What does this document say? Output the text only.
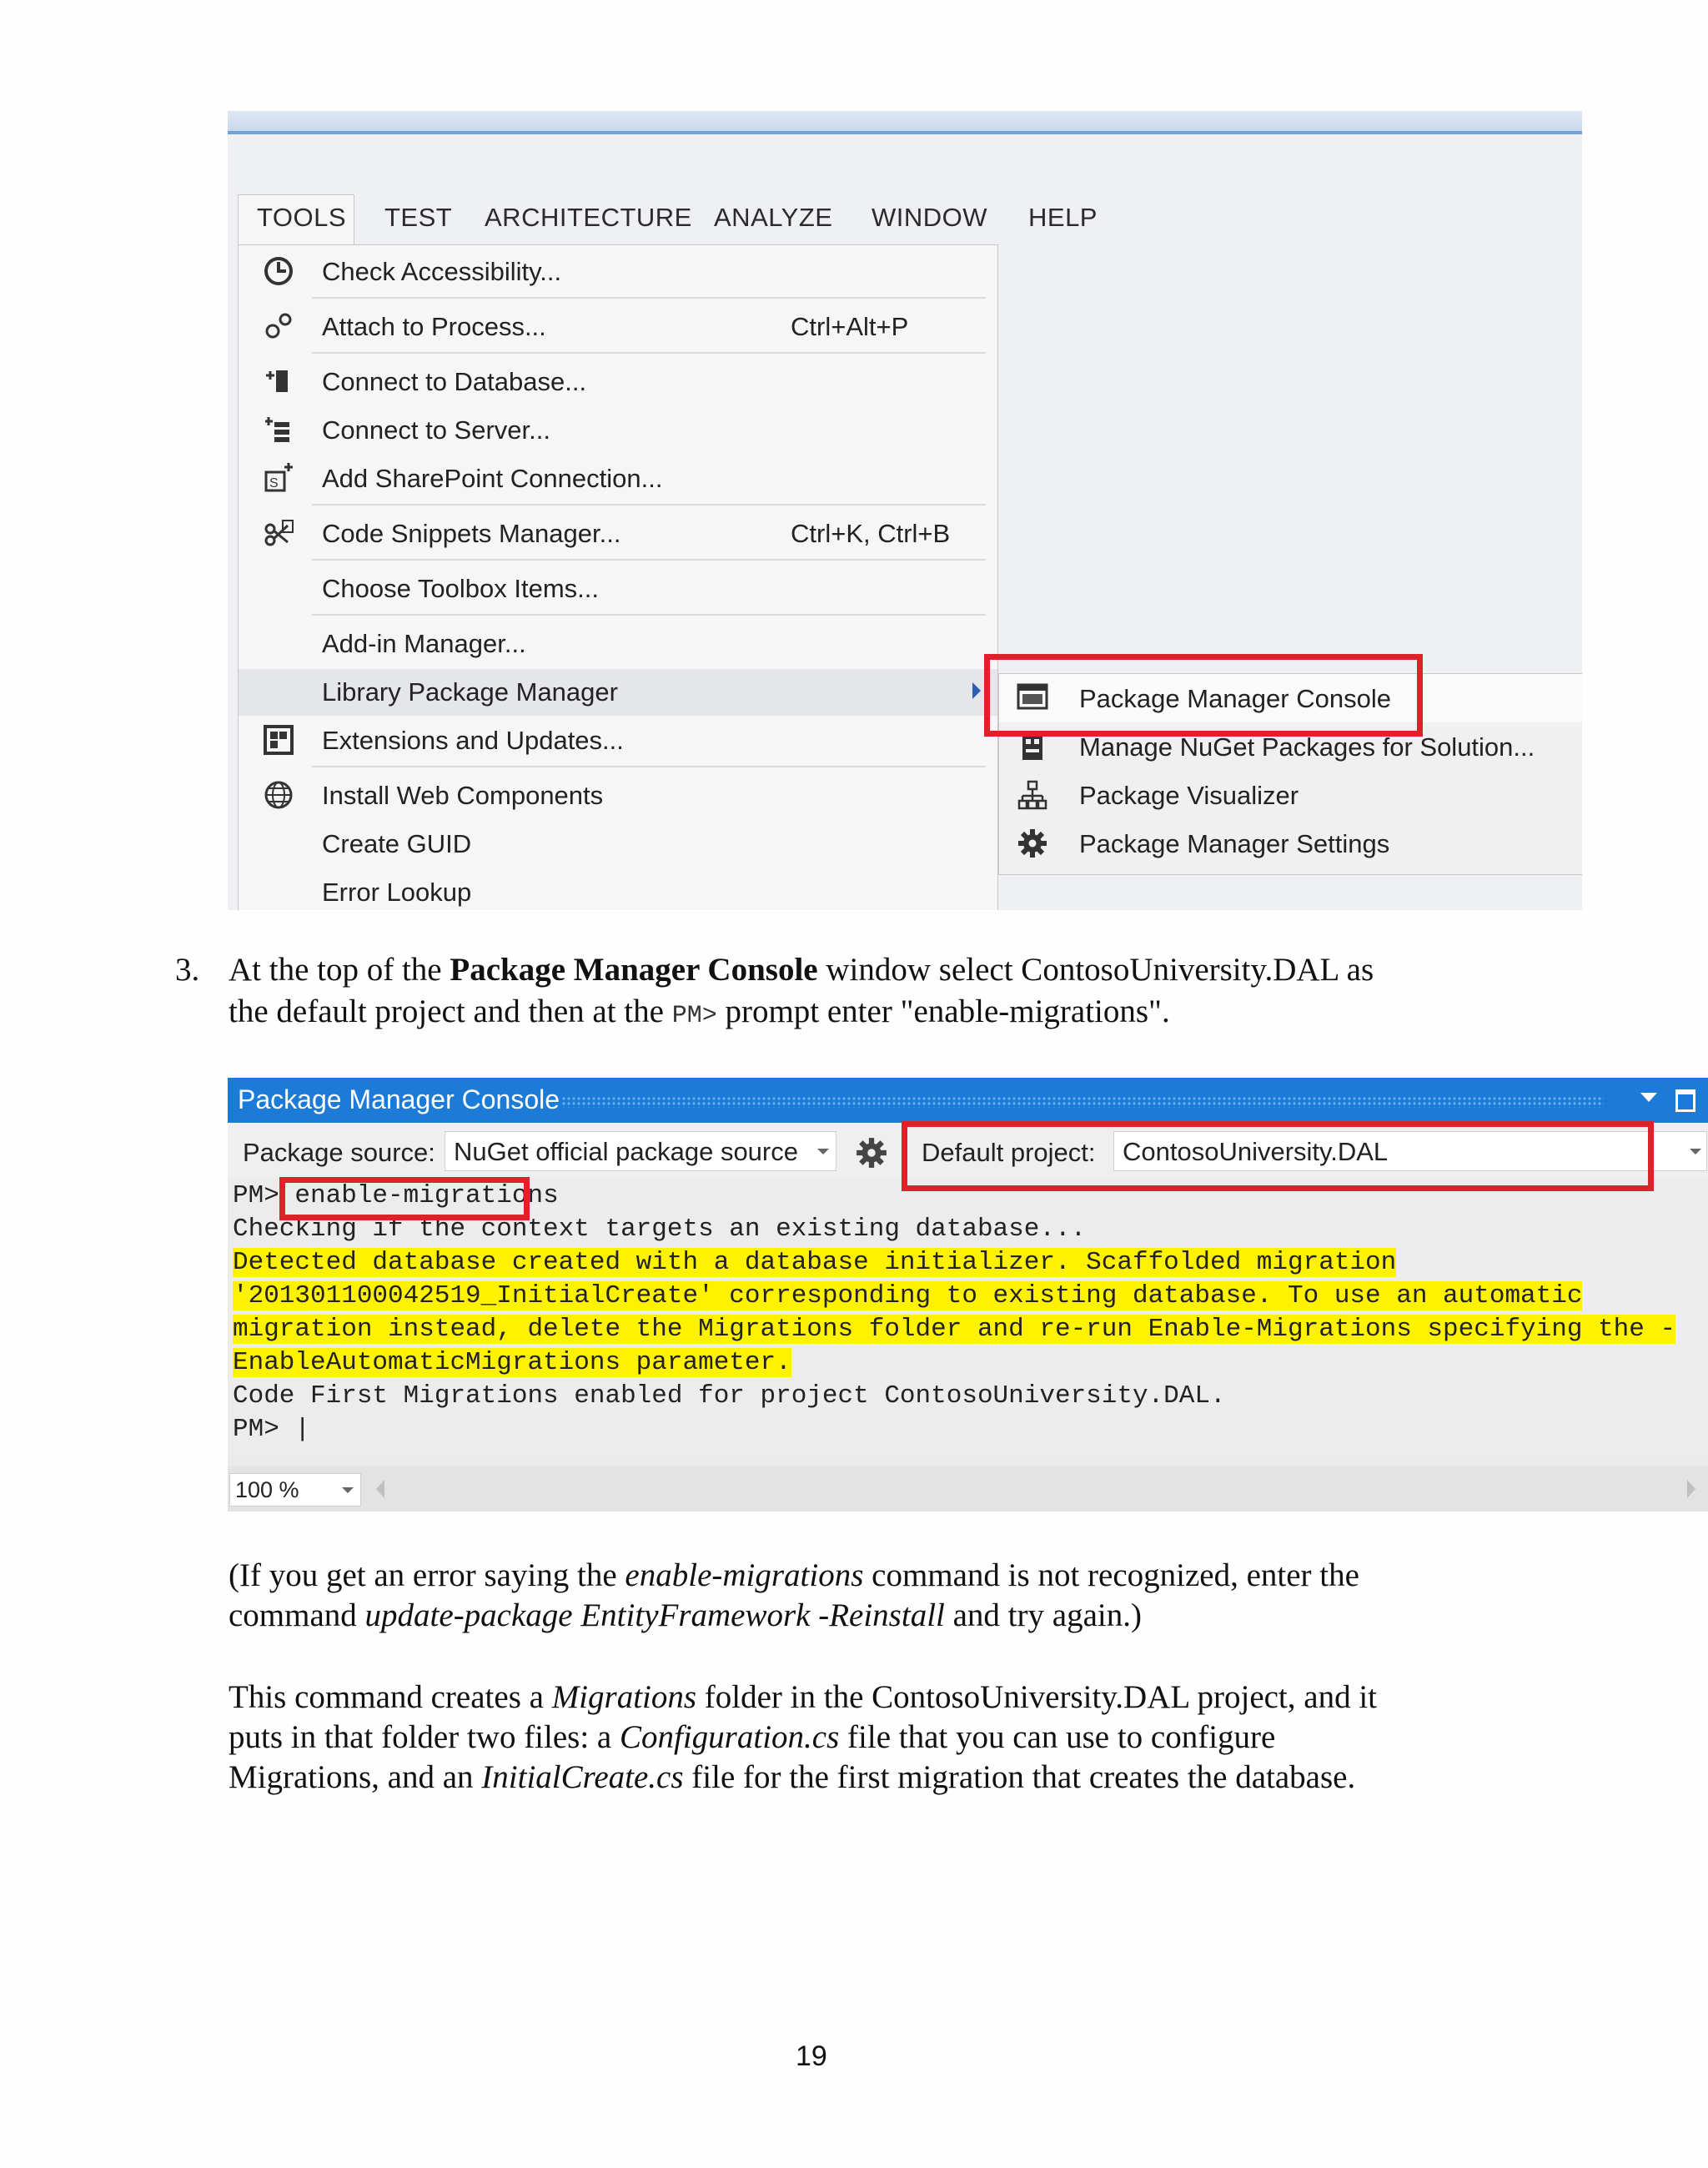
TOOLS TEST ARCHITECTURE ANALYZE WINDOW HELP
Check Accessibility...
Attach to Process...	Ctrl+Alt+P
Connect to Database...
Connect to Server...
S Add SharePoint Connection...
Code Snippets Manager...	Ctrl+K, Ctrl+B
Choose Toolbox Items...
Add-in Manager...
Library Package Manager
Extensions and Updates...
Install Web Components
Create GUID
Error Lookup
Package Manager Console
Manage NuGet Packages for Solution...
Package Visualizer
Package Manager Settings
3. At the top of the Package Manager Console window select ContosoUniversity.DAL as
the default project and then at the PM> prompt enter "enable-migrations".
Package Manager Console
Package source: NuGet official package source	Default project: ContosoUniversity.DAL
PM> enable-migrations
Checking if the context targets an existing database...
Detected database created with a database initializer. Scaffolded migration
'201301100042519_InitialCreate' corresponding to existing database. To use an automatic
migration instead, delete the Migrations folder and re-run Enable-Migrations specifying the -
EnableAutomaticMigrations parameter.
Code First Migrations enabled for project ContosoUniversity.DAL.
PM> |
100 %
(If you get an error saying the enable-migrations command is not recognized, enter the
command update-package EntityFramework -Reinstall and try again.)
This command creates a Migrations folder in the ContosoUniversity.DAL project, and it
puts in that folder two files: a Configuration.cs file that you can use to configure
Migrations, and an InitialCreate.cs file for the first migration that creates the database.
19
